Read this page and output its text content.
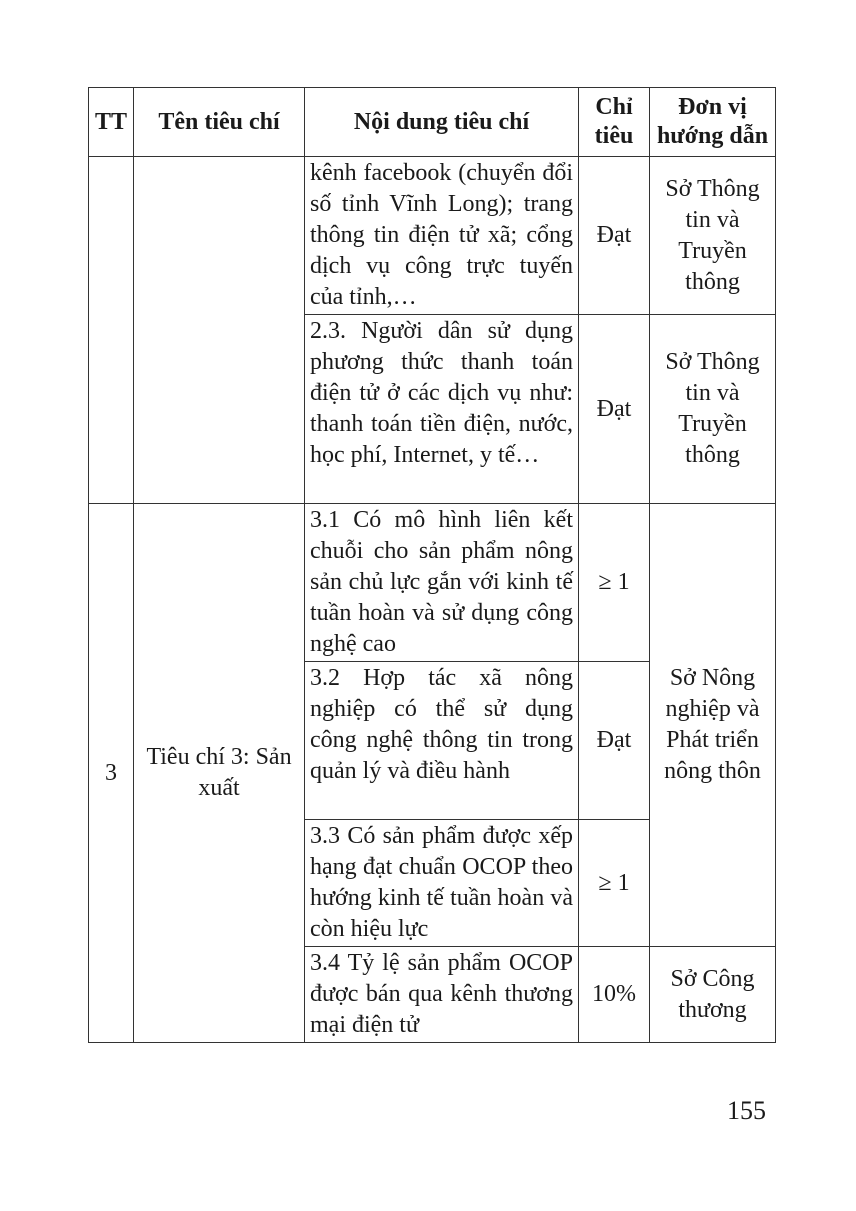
TT	Tên tiêu chí	Nội dung tiêu chí	Chỉ tiêu	Đơn vị hướng dẫn
		kênh facebook (chuyển đổi số tỉnh Vĩnh Long); trang thông tin điện tử xã; cổng dịch vụ công trực tuyến của tỉnh,…	Đạt	Sở Thông tin và Truyền thông
		2.3. Người dân sử dụng phương thức thanh toán điện tử ở các dịch vụ như: thanh toán tiền điện, nước, học phí, Internet, y tế…	Đạt	Sở Thông tin và Truyền thông
3	Tiêu chí 3: Sản xuất	3.1 Có mô hình liên kết chuỗi cho sản phẩm nông sản chủ lực gắn với kinh tế tuần hoàn và sử dụng công nghệ cao	≥ 1	Sở Nông nghiệp và Phát triển nông thôn
		3.2 Hợp tác xã nông nghiệp có thể sử dụng công nghệ thông tin trong quản lý và điều hành	Đạt	
		3.3 Có sản phẩm được xếp hạng đạt chuẩn OCOP theo hướng kinh tế tuần hoàn và còn hiệu lực	≥ 1	
		3.4 Tỷ lệ sản phẩm OCOP được bán qua kênh thương mại điện tử	10%	Sở Công thương
155
